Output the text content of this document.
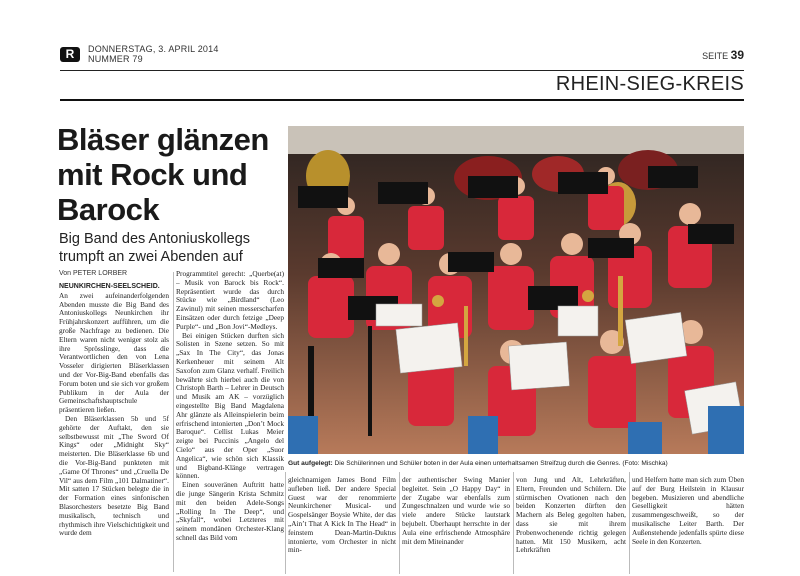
R	DONNERSTAG, 3. APRIL 2014
NUMMER 79	SEITE 39
RHEIN-SIEG-KREIS
Bläser glänzen mit Rock und Barock
Big Band des Antoniuskollegs trumpft an zwei Abenden auf
Von PETER LORBER

NEUNKIRCHEN-SEELSCHEID. An zwei aufeinanderfolgenden Abenden musste die Big Band des Antoniuskollegs Neunkirchen ihr Frühjahrskonzert aufführen, um die große Nachfrage zu bedienen. Die Eltern waren nicht weniger stolz als ihre Sprösslinge, dass die Verantwortlichen den von Lena Vosseler dirigierten Bläserklassen und der Vor-Big-Band ebenfalls das Forum boten und sie sich vor großem Publikum in der Aula der Gemeinschaftshauptschule präsentieren ließen.

Den Bläserklassen 5b und 5f gehörte der Auftakt, den sie selbstbewusst mit „The Sword Of Kings“ oder „Midnight Sky“ meisterten. Die Bläserklasse 6b und die Vor-Big-Band punkteten mit „Game Of Thrones“ und „Cruella De Vil“ aus dem Film „101 Dalmatiner“. Mit satten 17 Stücken belegte die in der Formation eines sinfonischen Blasorchesters besetzte Big Band musikalisch, technisch und rhythmisch ihre Vielschichtigkeit und wurde dem

Programmtitel gerecht: „Querbe(at) – Musik von Barock bis Rock“. Repräsentiert wurde das durch Stücke wie „Birdland“ (Leo Zawinul) mit seinen messerscharfen Einsätzen oder durch fetzige „Deep Purple“- und „Bon Jovi“-Medleys.

Bei einigen Stücken durften sich Solisten in Szene setzen. So mit „Sax In The City“, das Jonas Kerkenheuer mit seinem Alt Saxofon zum Glanz verhalf. Freilich bewährte sich hierbei auch die von Christoph Barth – Lehrer in Deutsch und Musik am AK – vorzüglich eingestellte Big Band Magdalena Ahr glänzte als Alleinspielerin beim erfrischend intonierten „Don’t Mock Baroque“. Cellist Lukas Meier zeigte bei Puccinis „Angelo del Cielo“ aus der Oper „Suor Angelica“, wie schön sich Klassik und Bigband-Klänge vertragen können.

Einen souveränen Auftritt hatte die junge Sängerin Krista Schmitz mit den beiden Adele-Songs „Rolling In The Deep“, und „Skyfall“, wobei Letzteres mit seinem mondänen Orchester-Klang schnell das Bild vom

Gut aufgelegt: Die Schülerinnen und Schüler boten in der Aula einen unterhaltsamen Streifzug durch die Genres. (Foto: Mischka)
gleichnamigen James Bond Film aufleben ließ. Der andere Special Guest war der renommierte Neunkirchener Musical- und Gospelsänger Boysie White, der das „Ain’t That A Kick In The Head“ in feinstem Dean-Martin-Duktus intonierte, vom Orchester in nicht min-
der authentischer Swing Manier begleitet. Sein „O Happy Day“ in der Zugabe war ebenfalls zum Zungeschnalzen und wurde wie so viele andere Stücke lautstark bejubelt. Überhaupt herrschte in der Aula eine erfrischende Atmosphäre mit dem Miteinander
von Jung und Alt, Lehrkräften, Eltern, Freunden und Schülern. Die stürmischen Ovationen nach den beiden Konzerten dürften den Machern als Beleg gegolten haben, dass sie mit ihrem Probenwochenende richtig gelegen hatten. Mit 150 Musikern, acht Lehrkräften
und Helfern hatte man sich zum Üben auf der Burg Heilstein in Klausur begeben. Musizieren und abendliche Geselligkeit hätten zusammengeschweißt, so der musikalische Leiter Barth. Der Außenstehende jedenfalls spürte diese Seele in den Konzerten.
